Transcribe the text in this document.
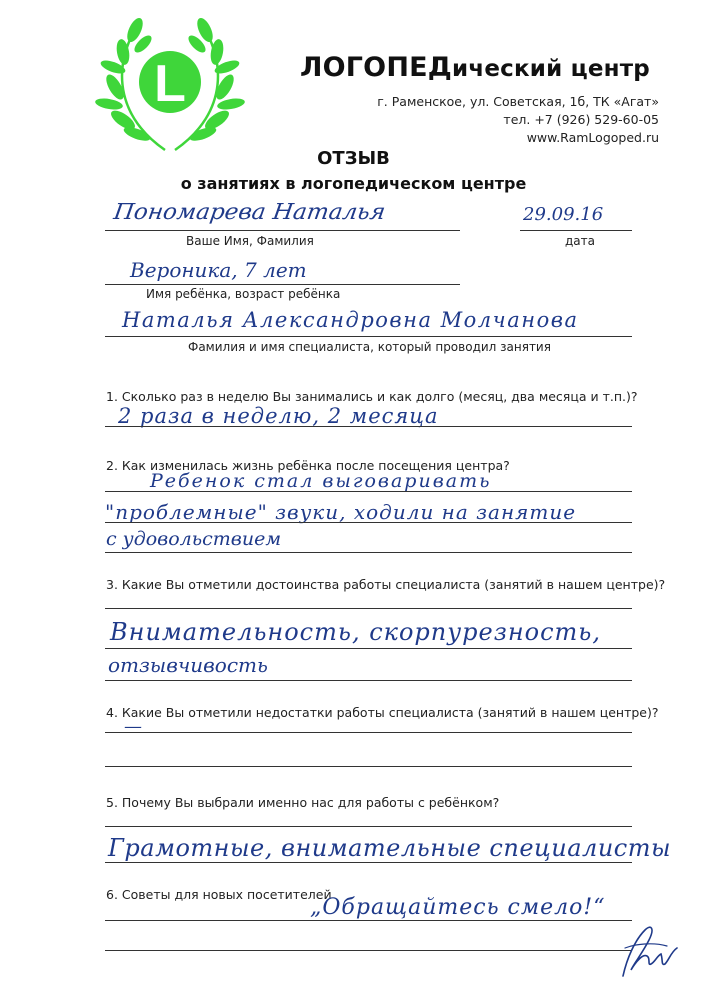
L	ЛОГОПЕДический центр
г. Раменское, ул. Советская, 1б, ТК «Агат»
тел. +7 (926) 529-60-05
www.RamLogoped.ru
ОТЗЫВ
о занятиях в логопедическом центре
Пономарева Наталья
Ваше Имя, Фамилия
29.09.16
дата
Вероника, 7 лет
Имя ребёнка, возраст ребёнка
Наталья Александровна Молчанова
Фамилия и имя специалиста, который проводил занятия
1. Сколько раз в неделю Вы занимались и как долго (месяц, два месяца и т.п.)?
2 раза в неделю, 2 месяца
2. Как изменилась жизнь ребёнка после посещения центра?
Ребенок стал выговаривать
"проблемные" звуки, ходили на занятие
с удовольствием
3. Какие Вы отметили достоинства работы специалиста (занятий в нашем центре)?
Внимательность, скорпурезность,
отзывчивость
4. Какие Вы отметили недостатки работы специалиста (занятий в нашем центре)?
—
5. Почему Вы выбрали именно нас для работы с ребёнком?
Грамотные, внимательные специалисты
6. Советы для новых посетителей
„Обращайтесь смело!“
